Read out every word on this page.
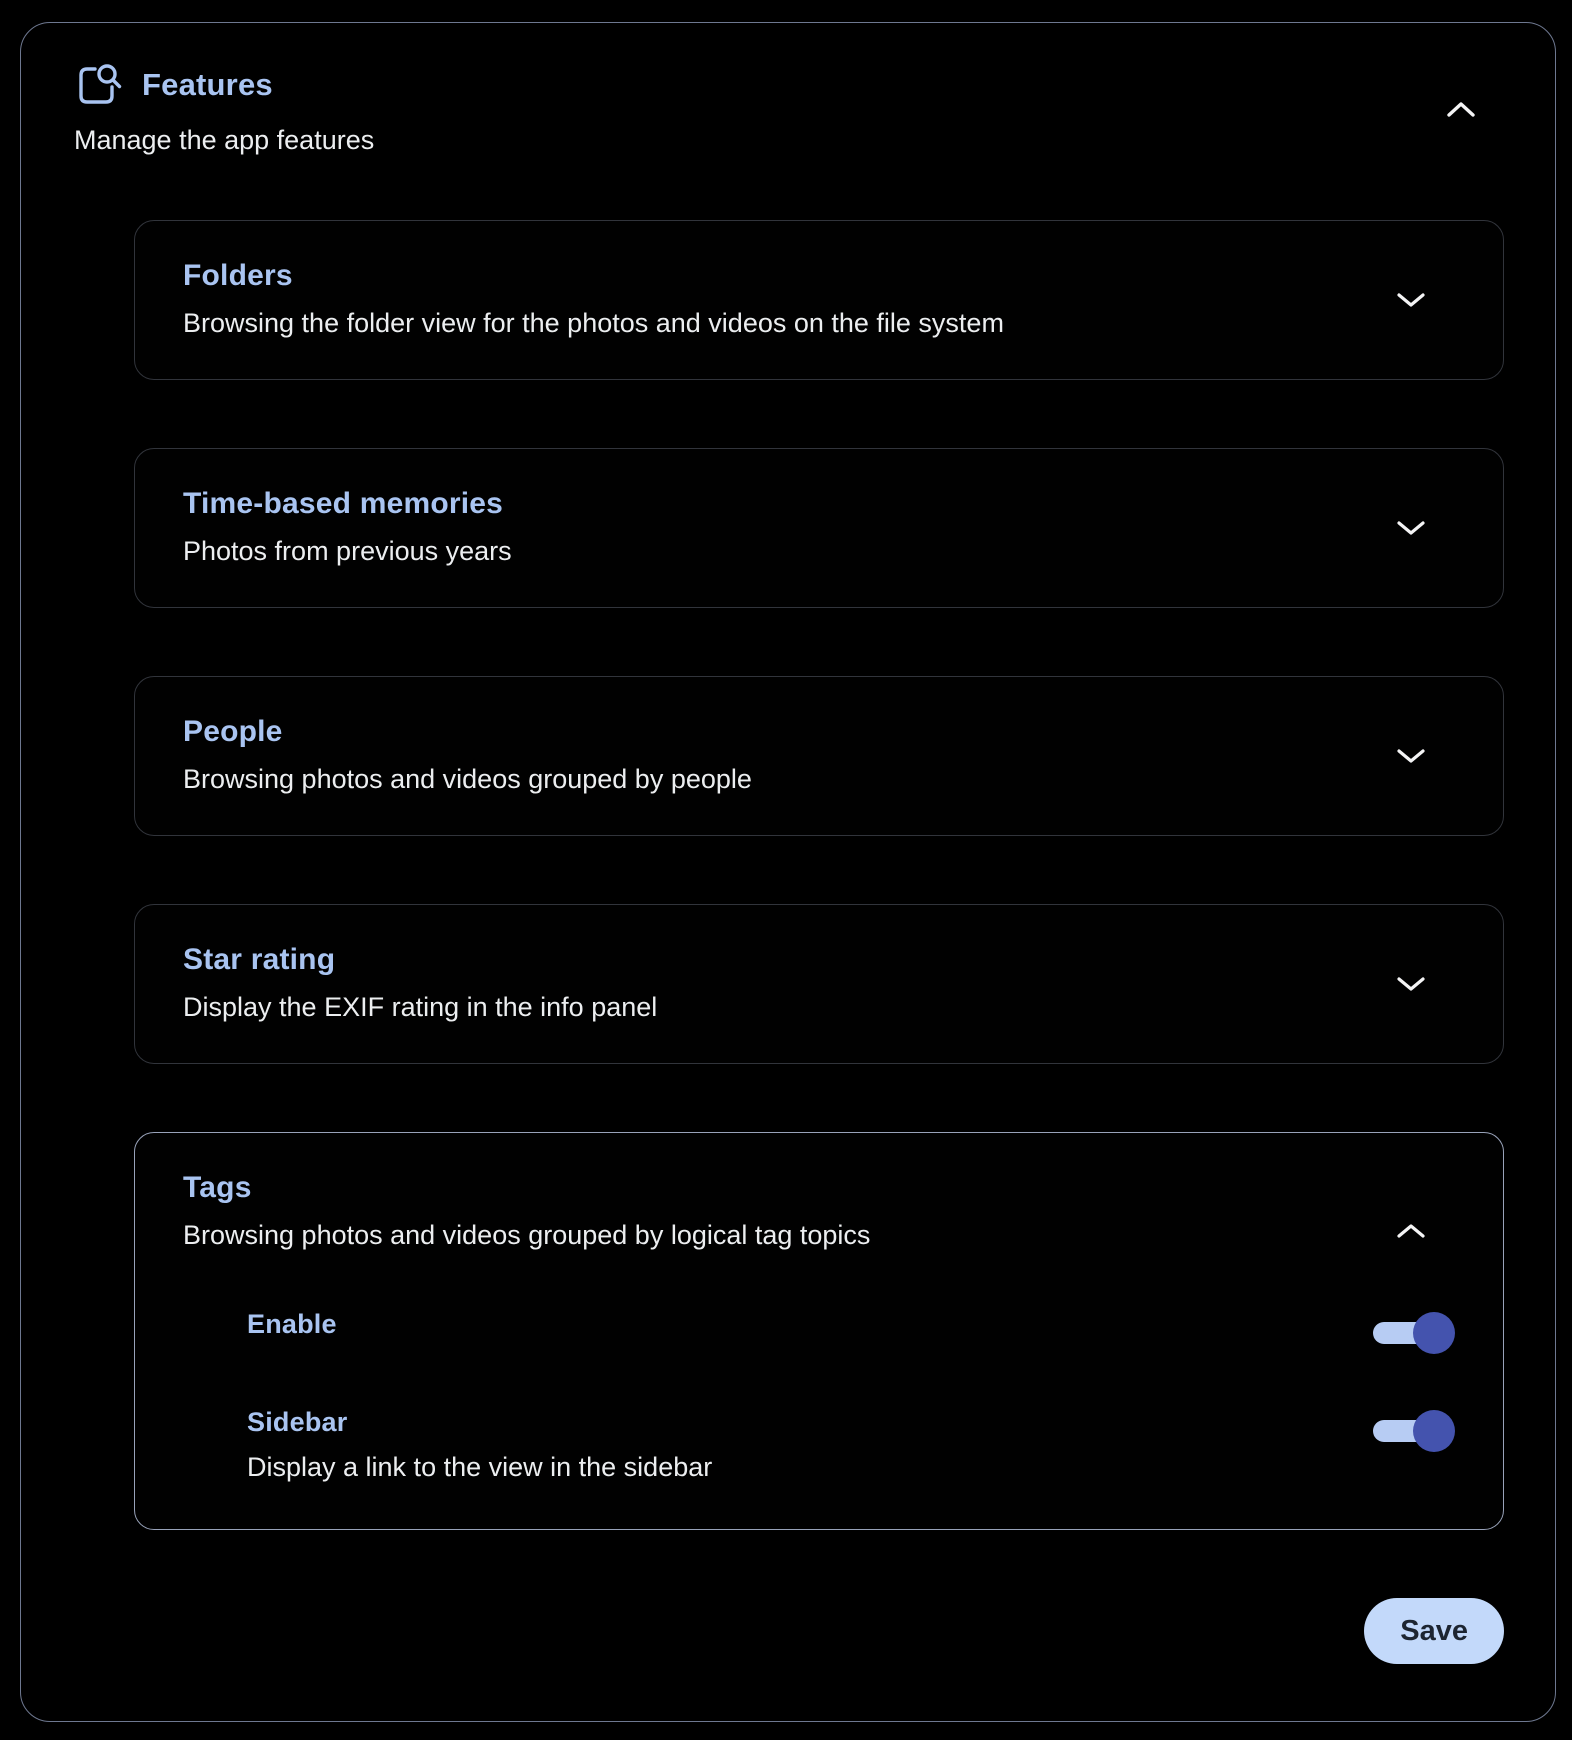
Features

Manage the app features

Folders
Browsing the folder view for the photos and videos on the file system
Time-based memories
Photos from previous years
People
Browsing photos and videos grouped by people
Star rating
Display the EXIF rating in the info panel
Tags
Browsing photos and videos grouped by logical tag topics
Enable
Sidebar
Display a link to the view in the sidebar
Save
